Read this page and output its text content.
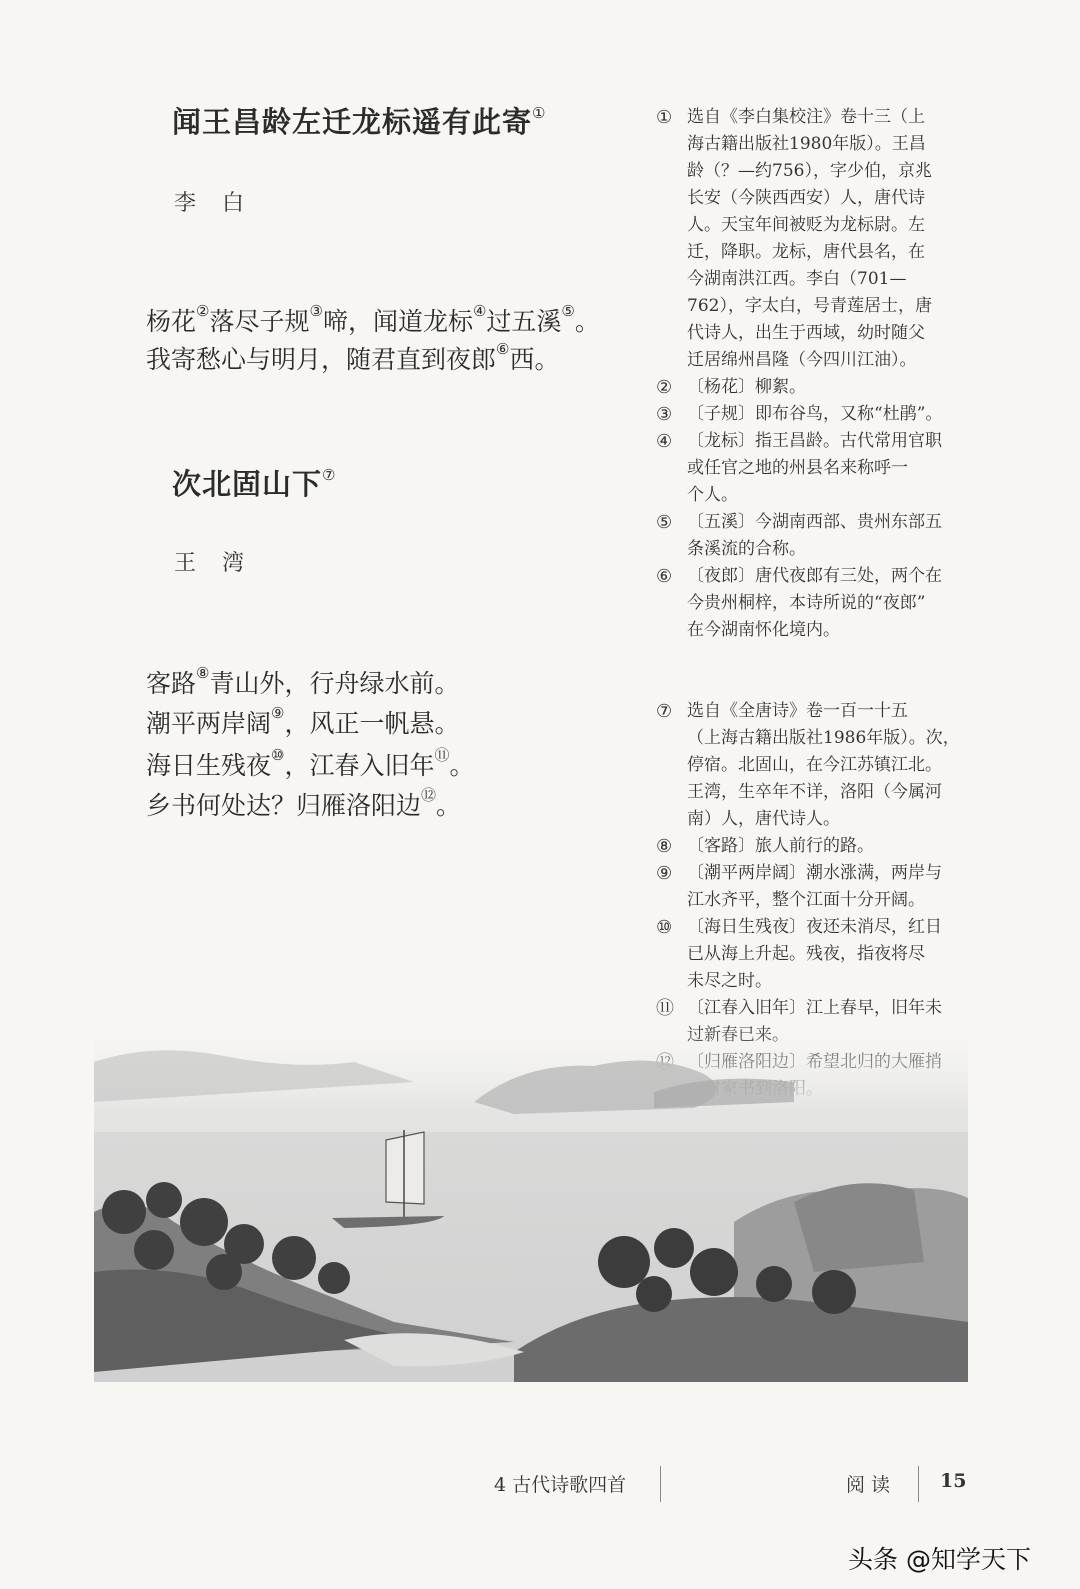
闻王昌龄左迁龙标遥有此寄①
李白
杨花②落尽子规③啼，闻道龙标④过五溪⑤。
我寄愁心与明月，随君直到夜郎⑥西。
次北固山下⑦
王湾
客路⑧青山外，行舟绿水前。
潮平两岸阔⑨，风正一帆悬。
海日生残夜⑩，江春入旧年⑪。
乡书何处达？归雁洛阳边⑫。
① 选自《李白集校注》卷十三（上
海古籍出版社1980年版）。王昌
龄（？—约756），字少伯，京兆
长安（今陕西西安）人，唐代诗
人。天宝年间被贬为龙标尉。左
迁，降职。龙标，唐代县名，在
今湖南洪江西。李白（701—
762），字太白，号青莲居士，唐
代诗人，出生于西域，幼时随父
迁居绵州昌隆（今四川江油）。
② 〔杨花〕柳絮。
③ 〔子规〕即布谷鸟，又称“杜鹃”。
④ 〔龙标〕指王昌龄。古代常用官职
或任官之地的州县名来称呼一
个人。
⑤ 〔五溪〕今湖南西部、贵州东部五
条溪流的合称。
⑥ 〔夜郎〕唐代夜郎有三处，两个在
今贵州桐梓，本诗所说的“夜郎”
在今湖南怀化境内。
⑦ 选自《全唐诗》卷一百一十五
（上海古籍出版社1986年版）。次，
停宿。北固山，在今江苏镇江北。
王湾，生卒年不详，洛阳（今属河
南）人，唐代诗人。
⑧ 〔客路〕旅人前行的路。
⑨ 〔潮平两岸阔〕潮水涨满，两岸与
江水齐平，整个江面十分开阔。
⑩ 〔海日生残夜〕夜还未消尽，红日
已从海上升起。残夜，指夜将尽
未尽之时。
⑪ 〔江春入旧年〕江上春早，旧年未
4 古代诗歌四首	阅 读	15
头条 @知学天下
